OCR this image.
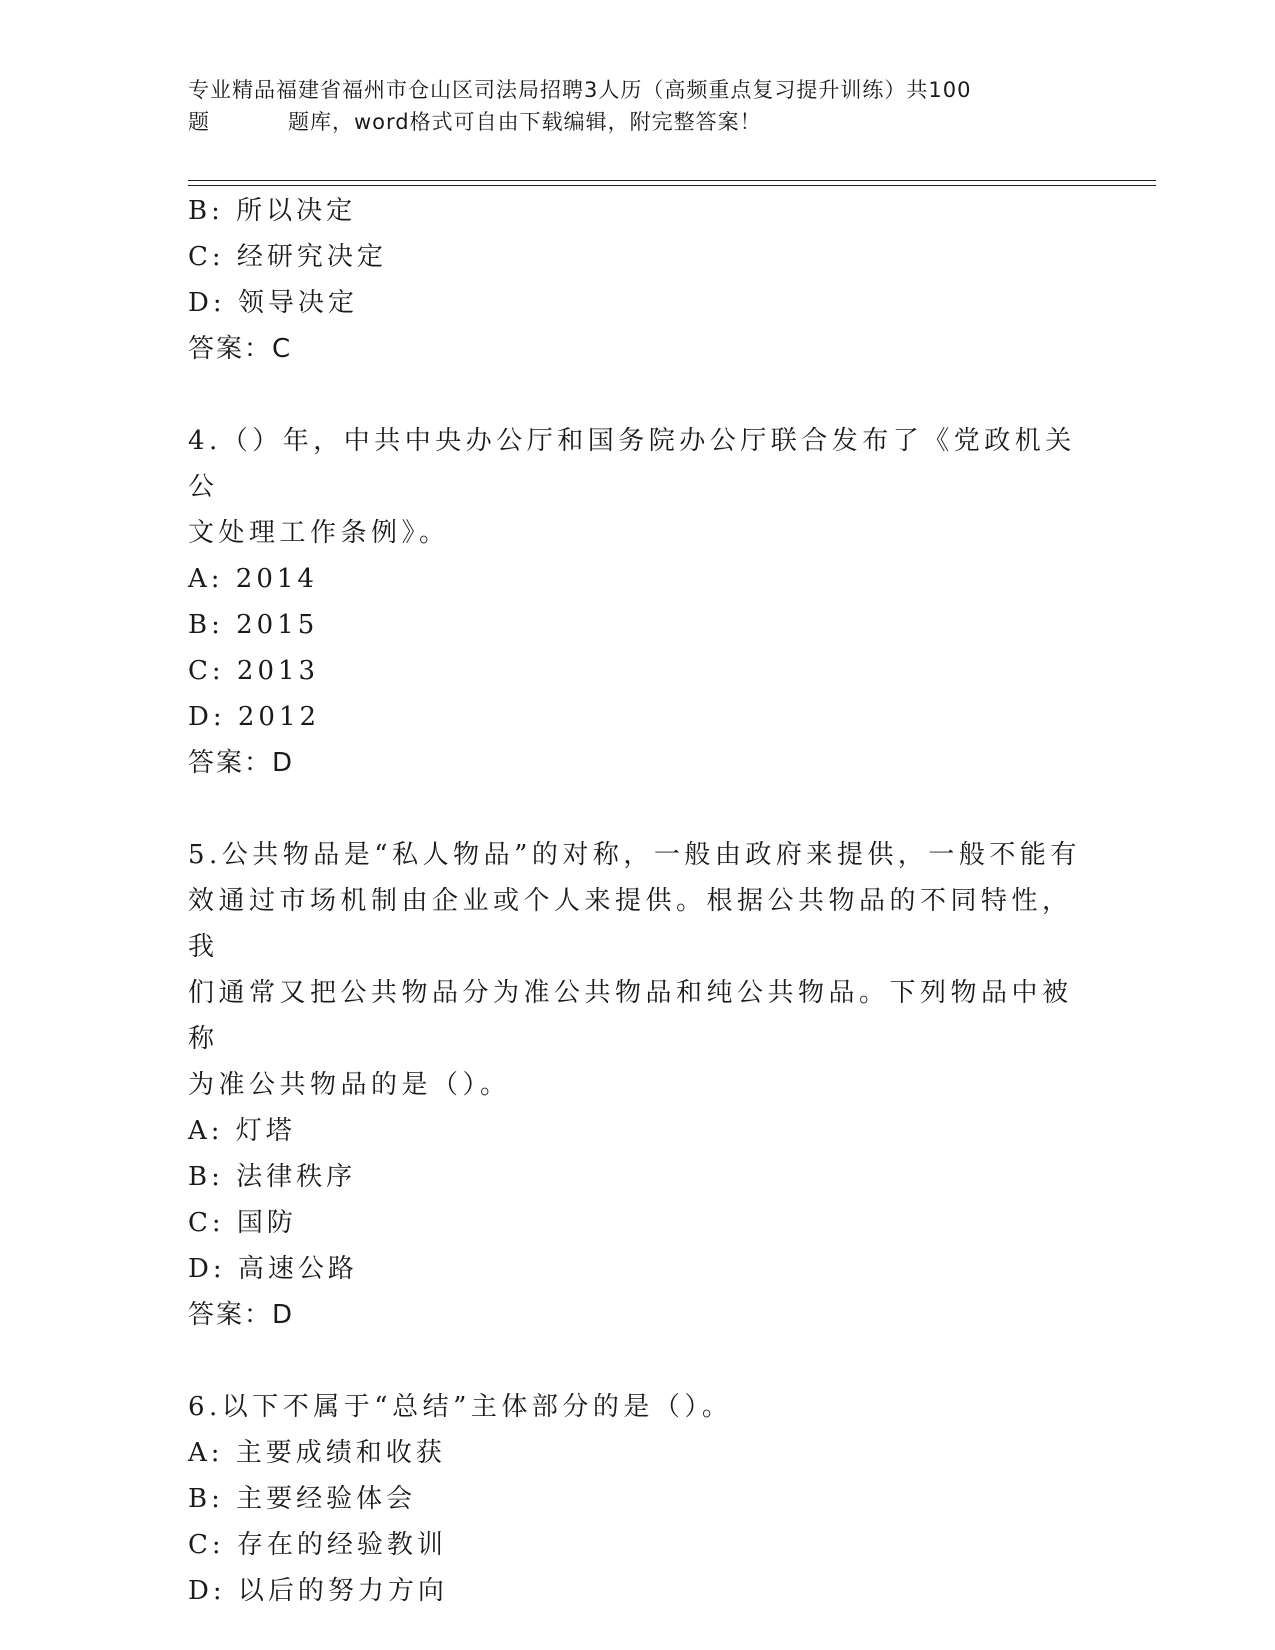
专业精品福建省福州市仓山区司法局招聘3人历（高频重点复习提升训练）共100
题	题库，word格式可自由下载编辑，附完整答案！
B: 所以决定
C: 经研究决定
D: 领导决定
答案：C
4.（）年，中共中央办公厅和国务院办公厅联合发布了《党政机关公
文处理工作条例》。
A: 2014
B: 2015
C: 2013
D: 2012
答案：D
5.公共物品是“私人物品”的对称，一般由政府来提供，一般不能有
效通过市场机制由企业或个人来提供。根据公共物品的不同特性，我
们通常又把公共物品分为准公共物品和纯公共物品。下列物品中被称
为准公共物品的是（）。
A: 灯塔
B: 法律秩序
C: 国防
D: 高速公路
答案：D
6.以下不属于“总结”主体部分的是（）。
A: 主要成绩和收获
B: 主要经验体会
C: 存在的经验教训
D: 以后的努力方向
